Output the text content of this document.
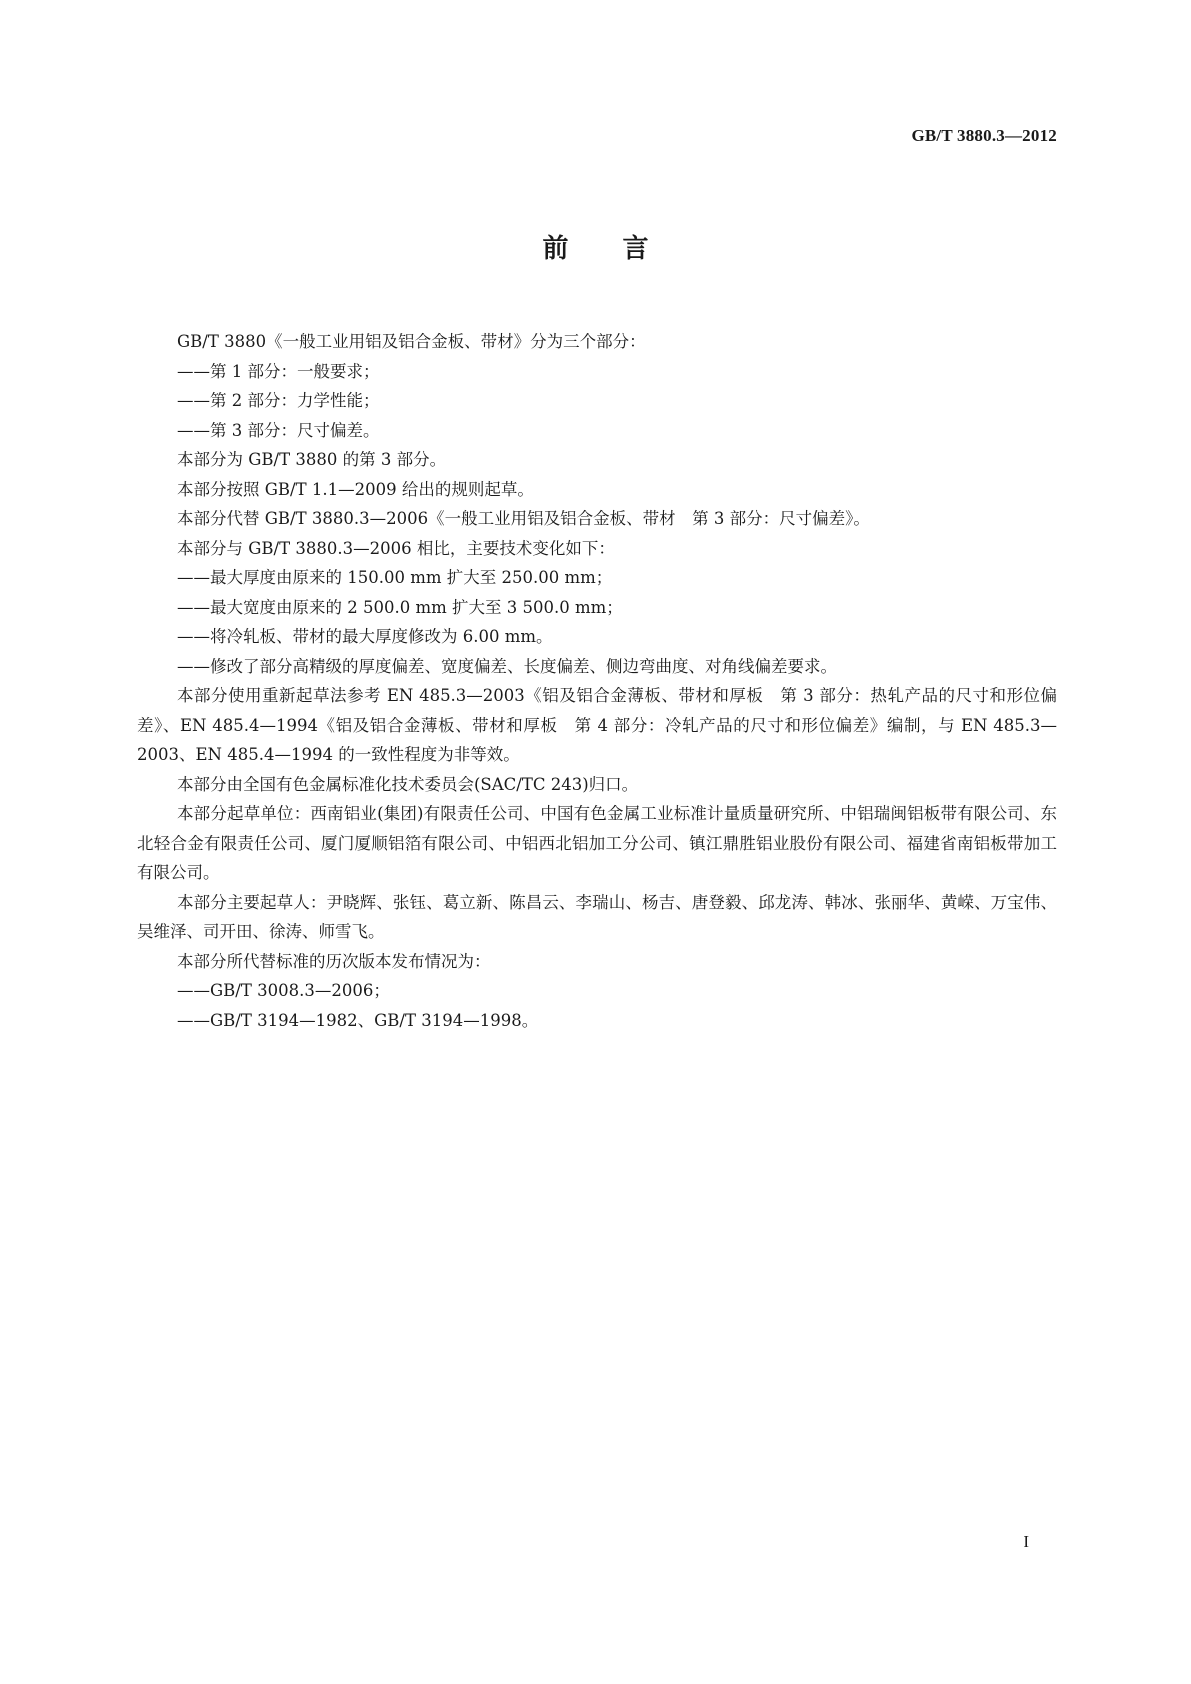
GB/T 3880.3—2012
前言

GB/T 3880《一般工业用铝及铝合金板、带材》分为三个部分：

——第 1 部分：一般要求；

——第 2 部分：力学性能；

——第 3 部分：尺寸偏差。

本部分为 GB/T 3880 的第 3 部分。

本部分按照 GB/T 1.1—2009 给出的规则起草。

本部分代替 GB/T 3880.3—2006《一般工业用铝及铝合金板、带材　第 3 部分：尺寸偏差》。

本部分与 GB/T 3880.3—2006 相比，主要技术变化如下：

——最大厚度由原来的 150.00 mm 扩大至 250.00 mm；

——最大宽度由原来的 2 500.0 mm 扩大至 3 500.0 mm；

——将冷轧板、带材的最大厚度修改为 6.00 mm。

——修改了部分高精级的厚度偏差、宽度偏差、长度偏差、侧边弯曲度、对角线偏差要求。

本部分使用重新起草法参考 EN 485.3—2003《铝及铝合金薄板、带材和厚板　第 3 部分：热轧产品的尺寸和形位偏差》、EN 485.4—1994《铝及铝合金薄板、带材和厚板　第 4 部分：冷轧产品的尺寸和形位偏差》编制，与 EN 485.3—2003、EN 485.4—1994 的一致性程度为非等效。

本部分由全国有色金属标准化技术委员会(SAC/TC 243)归口。

本部分起草单位：西南铝业(集团)有限责任公司、中国有色金属工业标准计量质量研究所、中铝瑞闽铝板带有限公司、东北轻合金有限责任公司、厦门厦顺铝箔有限公司、中铝西北铝加工分公司、镇江鼎胜铝业股份有限公司、福建省南铝板带加工有限公司。

本部分主要起草人：尹晓辉、张钰、葛立新、陈昌云、李瑞山、杨吉、唐登毅、邱龙涛、韩冰、张丽华、黄嵘、万宝伟、吴维泽、司开田、徐涛、师雪飞。

本部分所代替标准的历次版本发布情况为：

——GB/T 3008.3—2006；

——GB/T 3194—1982、GB/T 3194—1998。

I
